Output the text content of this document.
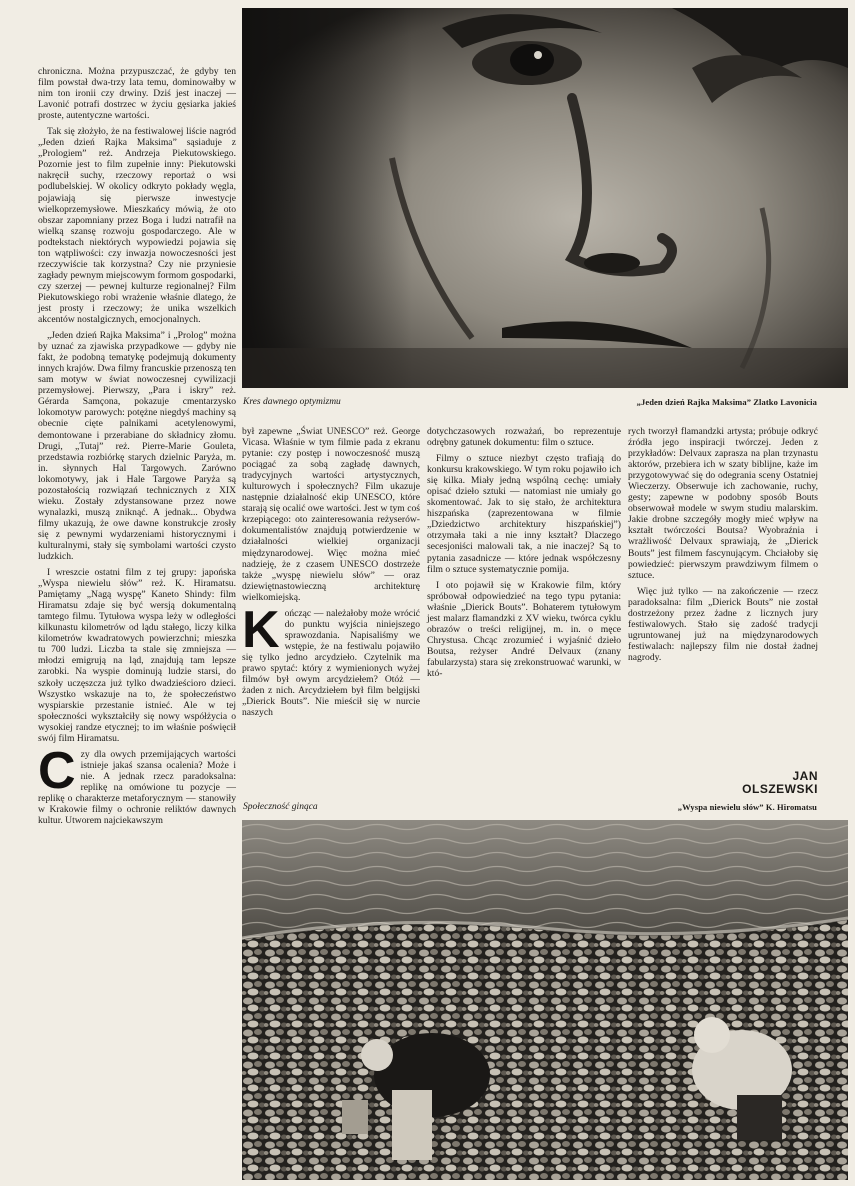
chroniczna. Można przypuszczać, że gdyby ten film powstał dwa-trzy lata temu, dominowałby w nim ton ironii czy drwiny. Dziś jest inaczej — Lavonić potrafi dostrzec w życiu gęsiarka jakieś proste, autentyczne wartości.

Tak się złożyło, że na festiwalowej liście nagród „Jeden dzień Rajka Maksima” sąsiaduje z „Prologiem” reż. Andrzeja Piekutowskiego. Pozornie jest to film zupełnie inny: Piekutowski nakręcił suchy, rzeczowy reportaż o wsi podlubelskiej. W okolicy odkryto pokłady węgla, pojawiają się pierwsze inwestycje wielkoprzemysłowe. Mieszkańcy mówią, że oto obszar zapomniany przez Boga i ludzi natrafił na wielką szansę rozwoju gospodarczego. Ale w podtekstach niektórych wypowiedzi pojawia się ton wątpliwości: czy inwazja nowoczesności jest rzeczywiście tak korzystna? Czy nie przyniesie zagłady pewnym miejscowym formom gospodarki, czy szerzej — pewnej kulturze regionalnej? Film Piekutowskiego robi wrażenie właśnie dlatego, że jest prosty i rzeczowy; że unika wszelkich akcentów nostalgicznych, emocjonalnych.

„Jeden dzień Rajka Maksima” i „Prolog” można by uznać za zjawiska przypadkowe — gdyby nie fakt, że podobną tematykę podejmują dokumenty innych krajów. Dwa filmy francuskie przenoszą ten sam motyw w świat nowoczesnej cywilizacji przemysłowej. Pierwszy, „Para i iskry” reż. Gérarda Samçona, pokazuje cmentarzysko lokomotyw parowych: potężne niegdyś machiny są obecnie cięte palnikami acetylenowymi, demontowane i przerabiane do składnicy złomu. Drugi, „Tutaj” reż. Pierre-Marie Gouleta, przedstawia rozbiórkę starych dzielnic Paryża, m. in. słynnych Hal Targowych. Zarówno lokomotywy, jak i Hale Targowe Paryża są pozostałością rozwiązań technicznych z XIX wieku. Zostały zdystansowane przez nowe wynalazki, muszą zniknąć. A jednak... Obydwa filmy ukazują, że owe dawne konstrukcje zrosły się z pewnymi wydarzeniami historycznymi i kulturalnymi, stały się symbolami wartości czysto ludzkich.

I wreszcie ostatni film z tej grupy: japońska „Wyspa niewielu słów” reż. K. Hiramatsu. Pamiętamy „Nagą wyspę” Kaneto Shindy: film Hiramatsu zdaje się być wersją dokumentalną tamtego filmu. Tytułowa wyspa leży w odległości kilkunastu kilometrów od lądu stałego, liczy kilka kilometrów kwadratowych powierzchni; mieszka tu 700 ludzi. Liczba ta stale się zmniejsza — młodzi emigrują na ląd, znajdują tam lepsze zarobki. Na wyspie dominują ludzie starsi, do szkoły uczęszcza już tylko dwadzieścioro dzieci. Wszystko wskazuje na to, że społeczeństwo wyspiarskie przestanie istnieć. Ale w tej społeczności wykształciły się nowy współżycia o wysokiej randze etycznej; to im właśnie poświęcił swój film Hiramatsu.

C zy dla owych przemijających wartości istnieje jakaś szansa ocalenia? Może i nie. A jednak rzecz paradoksalna: replikę na omówione tu pozycje — replikę o charakterze metaforycznym — stanowiły w Krakowie filmy o ochronie reliktów dawnych kultur. Utworem najciekawszym
Kres dawnego optymizmu	„Jeden dzień Rajka Maksima” Zlatko Lavonicia

był zapewne „Świat UNESCO” reż. George Vicasa. Właśnie w tym filmie pada z ekranu pytanie: czy postęp i nowoczesność muszą pociągać za sobą zagładę dawnych, tradycyjnych wartości artystycznych, kulturowych i społecznych? Film ukazuje następnie działalność ekip UNESCO, które starają się ocalić owe wartości. Jest w tym coś krzepiącego: oto zainteresowania reżyserów-dokumentalistów znajdują potwierdzenie w działalności wielkiej organizacji międzynarodowej. Więc można mieć nadzieję, że z czasem UNESCO dostrzeże także „wyspę niewielu słów” — oraz dziewiętnastowieczną architekturę wielkomiejską.

K ończąc — należałoby może wrócić do punktu wyjścia niniejszego sprawozdania. Napisaliśmy we wstępie, że na festiwalu pojawiło się tylko jedno arcydzieło. Czytelnik ma prawo spytać: który z wymienionych wyżej filmów był owym arcydziełem? Otóż — żaden z nich. Arcydziełem był film belgijski „Dierick Bouts”. Nie mieścił się w nurcie naszych

dotychczasowych rozważań, bo reprezentuje odrębny gatunek dokumentu: film o sztuce.

Filmy o sztuce niezbyt często trafiają do konkursu krakowskiego. W tym roku pojawiło ich się kilka. Miały jedną wspólną cechę: umiały opisać dzieło sztuki — natomiast nie umiały go skomentować. Jak to się stało, że architektura hiszpańska (zaprezentowana w filmie „Dziedzictwo architektury hiszpańskiej”) otrzymała taki a nie inny kształt? Dlaczego secesjoniści malowali tak, a nie inaczej? Są to pytania zasadnicze — które jednak współczesny film o sztuce systematycznie pomija.

I oto pojawił się w Krakowie film, który spróbował odpowiedzieć na tego typu pytania: właśnie „Dierick Bouts”. Bohaterem tytułowym jest malarz flamandzki z XV wieku, twórca cyklu obrazów o treści religijnej, m. in. o męce Chrystusa. Chcąc zrozumieć i wyjaśnić dzieło Boutsa, reżyser André Delvaux (znany fabularzysta) stara się zrekonstruować warunki, w któ-

rych tworzył flamandzki artysta; próbuje odkryć źródła jego inspiracji twórczej. Jeden z przykładów: Delvaux zaprasza na plan trzynastu aktorów, przebiera ich w szaty biblijne, każe im przygotowywać się do odegrania sceny Ostatniej Wieczerzy. Obserwuje ich zachowanie, ruchy, gesty; zapewne w podobny sposób Bouts obserwował modele w swym studiu malarskim. Jakie drobne szczegóły mogły mieć wpływ na kształt twórczości Boutsa? Wyobraźnia i wrażliwość Delvaux sprawiają, że „Dierick Bouts” jest filmem fascynującym. Chciałoby się powiedzieć: pierwszym prawdziwym filmem o sztuce.

Więc już tylko — na zakończenie — rzecz paradoksalna: film „Dierick Bouts” nie został dostrzeżony przez żadne z licznych jury festiwalowych. Stało się zadość tradycji ugruntowanej już na międzynarodowych festiwalach: najlepszy film nie dostał żadnej nagrody.

JAN
OLSZEWSKI
Społeczność ginąca	„Wyspa niewielu słów” K. Hiromatsu
